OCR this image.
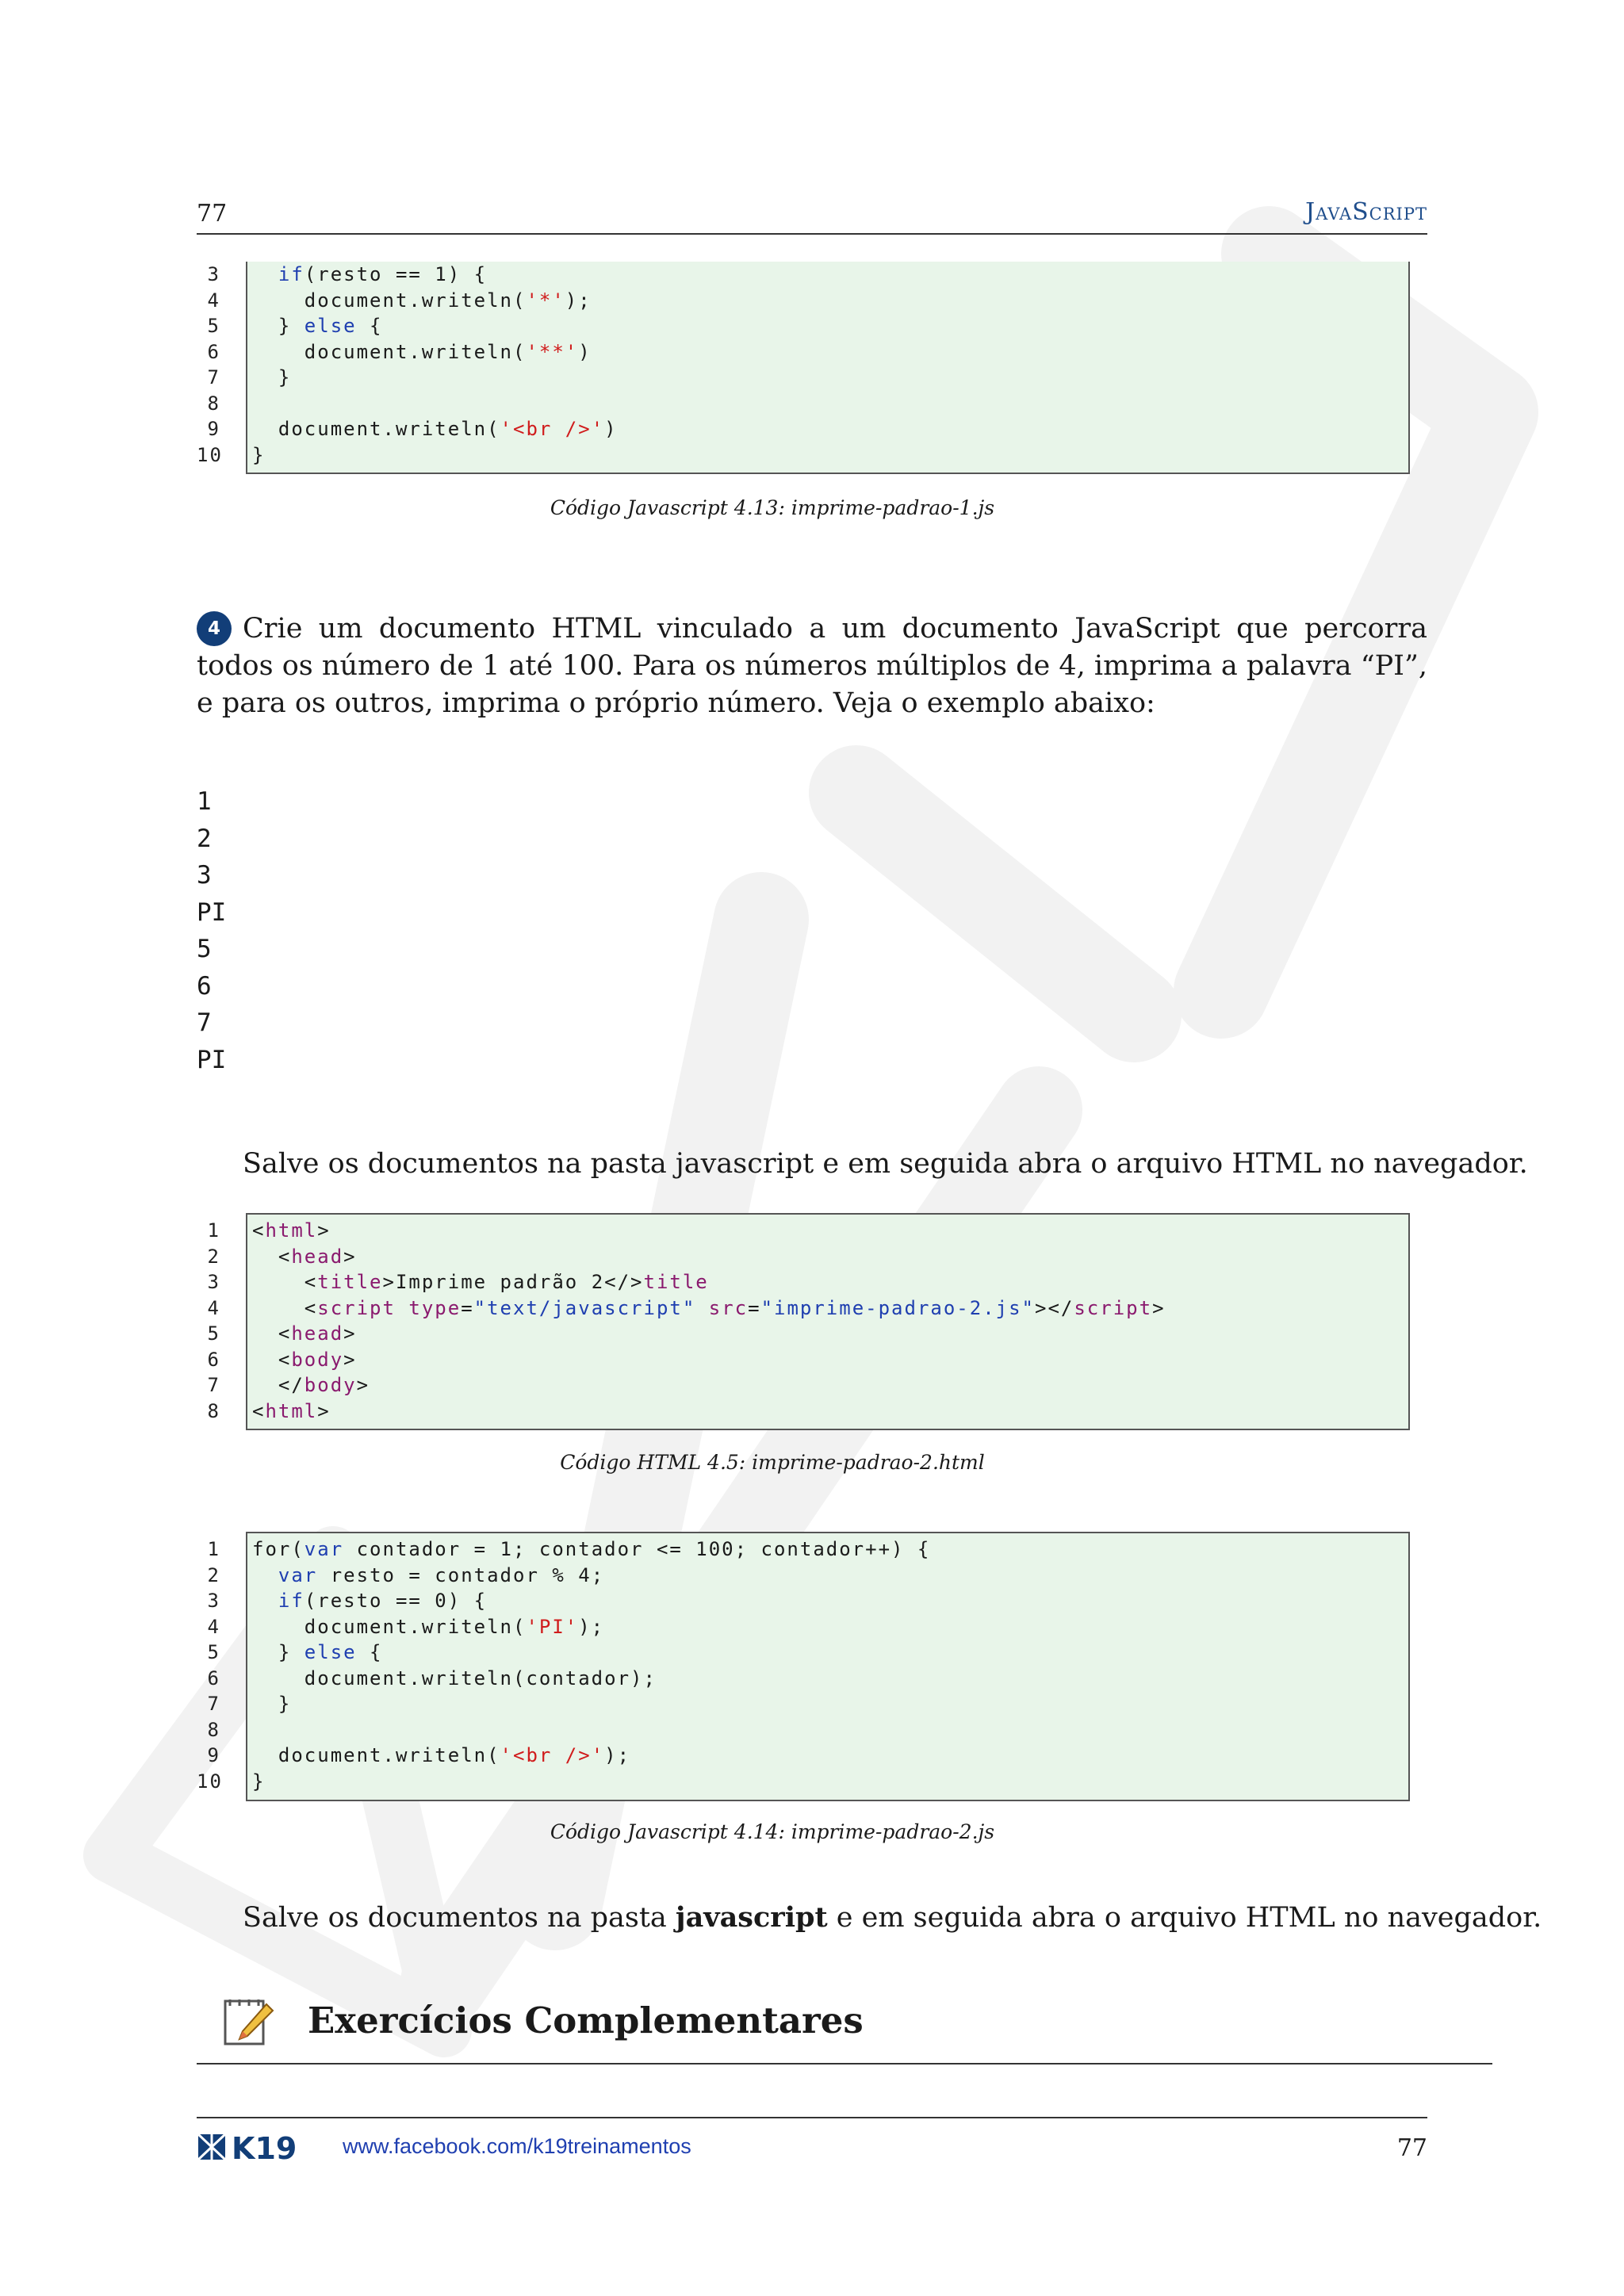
77	JavaScript
3
4
5
6
7
8
9
10
if(resto == 1) {
document.writeln('*');
} else {
document.writeln('**')
}
document.writeln('<br />')
}
Código Javascript 4.13: imprime-padrao-1.js
4 Crie um documento HTML vinculado a um documento JavaScript que percorra todos os número de 1 até 100. Para os números múltiplos de 4, imprima a palavra “PI”, e para os outros, imprima o próprio número. Veja o exemplo abaixo:
1
2
3
PI
5
6
7
PI
Salve os documentos na pasta javascript e em seguida abra o arquivo HTML no navegador.
1
2
3
4
5
6
7
8
<html>
<head>
<title>Imprime padrão 2</>title
<script type="text/javascript" src="imprime-padrao-2.js"></script>
<head>
<body>
</body>
<html>
Código HTML 4.5: imprime-padrao-2.html
1
2
3
4
5
6
7
8
9
10
for(var contador = 1; contador <= 100; contador++) {
var resto = contador % 4;
if(resto == 0) {
document.writeln('PI');
} else {
document.writeln(contador);
}
document.writeln('<br />');
}
Código Javascript 4.14: imprime-padrao-2.js
Salve os documentos na pasta javascript e em seguida abra o arquivo HTML no navegador.
Exercícios Complementares
K19 www.facebook.com/k19treinamentos	77
